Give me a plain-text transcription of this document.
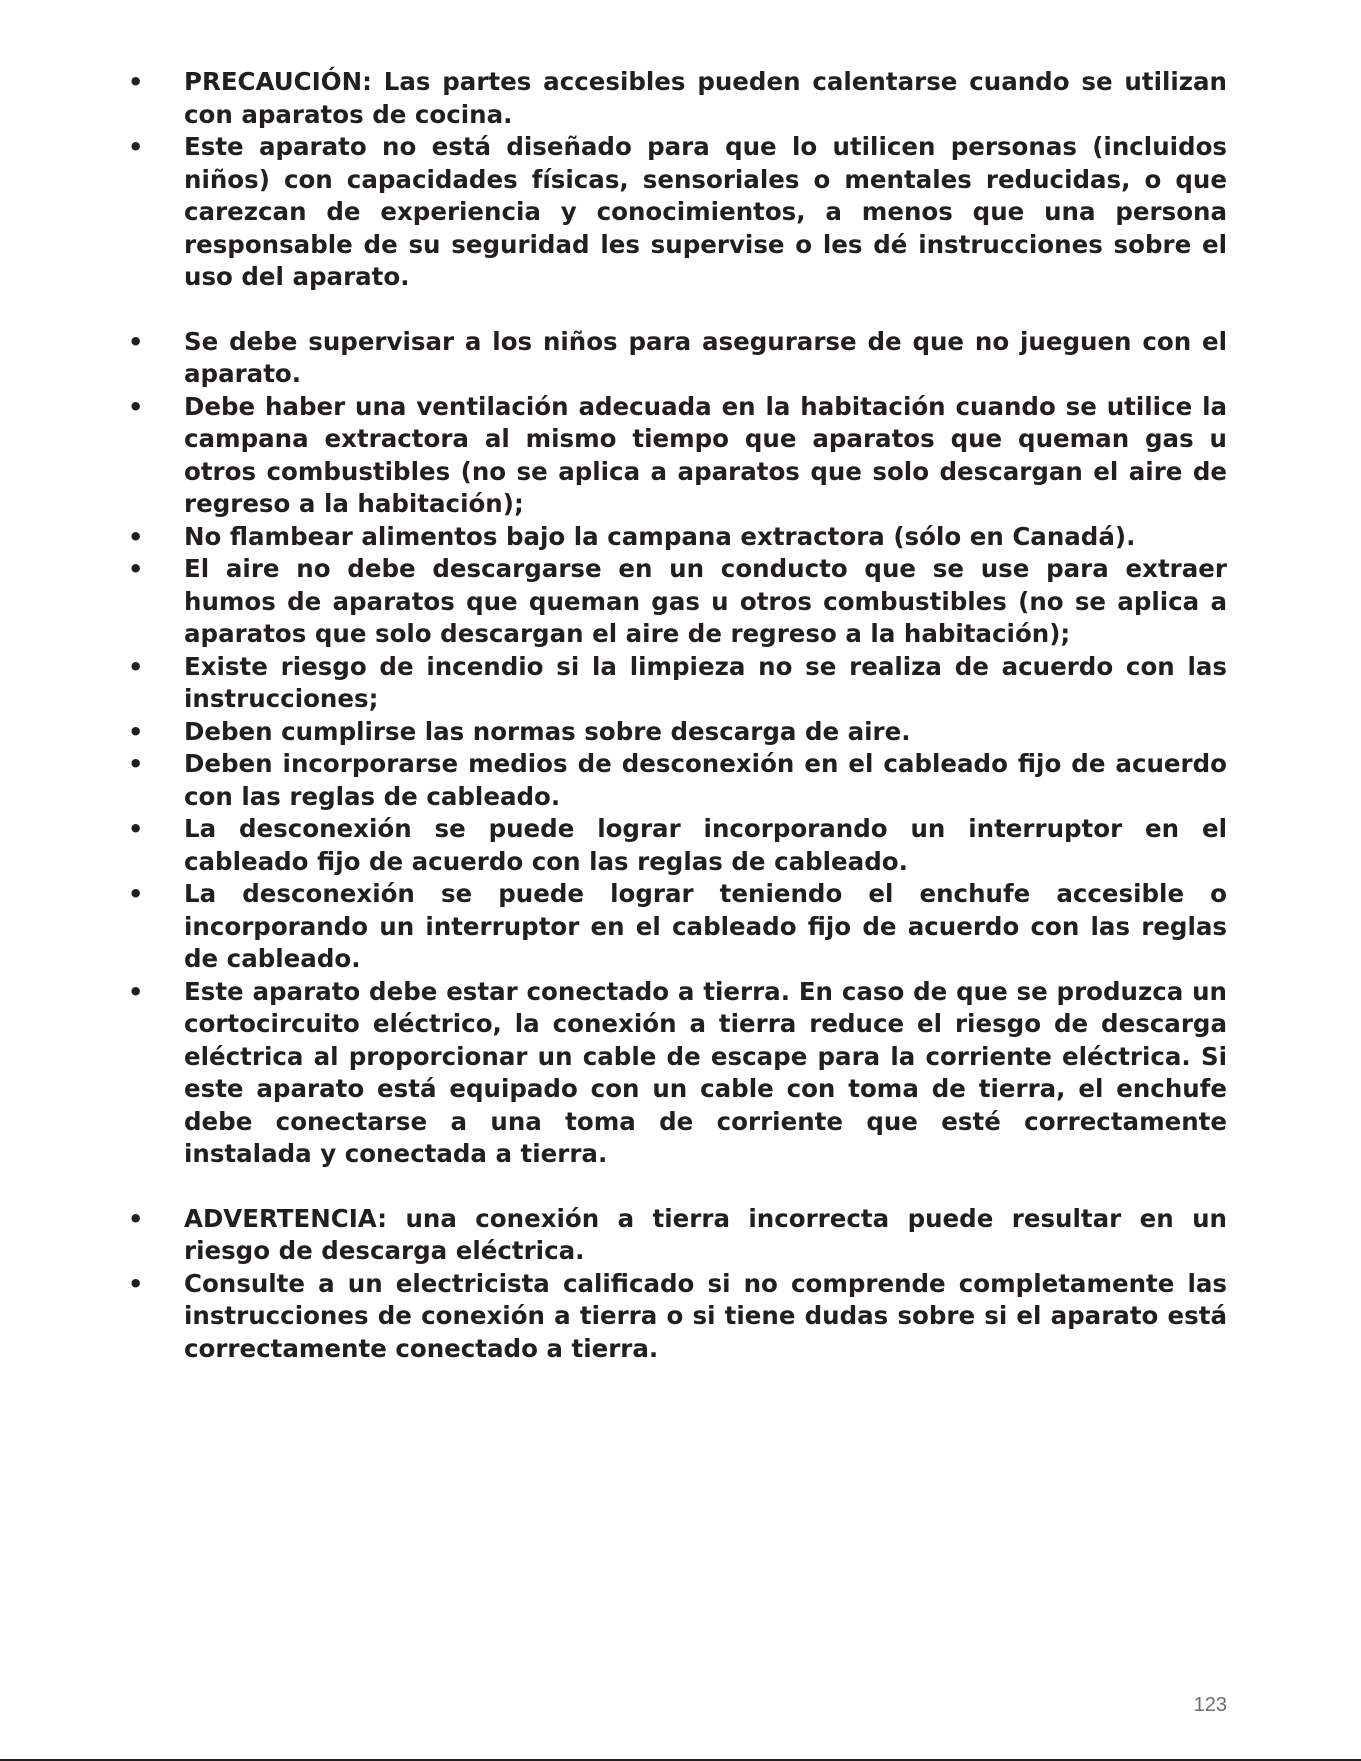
• PRECAUCIÓN: Las partes accesibles pueden calentarse cuando se utilizan con aparatos de cocina.
• Este aparato no está diseñado para que lo utilicen personas (incluidos niños) con capacidades físicas, sensoriales o mentales reducidas, o que carezcan de experiencia y conocimientos, a menos que una persona responsable de su seguridad les supervise o les dé instrucciones sobre el uso del aparato.
• Se debe supervisar a los niños para asegurarse de que no jueguen con el aparato.
• Debe haber una ventilación adecuada en la habitación cuando se utilice la campana extractora al mismo tiempo que aparatos que queman gas u otros combustibles (no se aplica a aparatos que solo descargan el aire de regreso a la habitación);
• No flambear alimentos bajo la campana extractora (sólo en Canadá).
• El aire no debe descargarse en un conducto que se use para extraer humos de aparatos que queman gas u otros combustibles (no se aplica a aparatos que solo descargan el aire de regreso a la habitación);
• Existe riesgo de incendio si la limpieza no se realiza de acuerdo con las instrucciones;
• Deben cumplirse las normas sobre descarga de aire.
• Deben incorporarse medios de desconexión en el cableado fijo de acuerdo con las reglas de cableado.
• La desconexión se puede lograr incorporando un interruptor en el cableado fijo de acuerdo con las reglas de cableado.
• La desconexión se puede lograr teniendo el enchufe accesible o incorporando un interruptor en el cableado fijo de acuerdo con las reglas de cableado.
• Este aparato debe estar conectado a tierra. En caso de que se produzca un cortocircuito eléctrico, la conexión a tierra reduce el riesgo de descarga eléctrica al proporcionar un cable de escape para la corriente eléctrica. Si este aparato está equipado con un cable con toma de tierra, el enchufe debe conectarse a una toma de corriente que esté correctamente instalada y conectada a tierra.
• ADVERTENCIA: una conexión a tierra incorrecta puede resultar en un riesgo de descarga eléctrica.
• Consulte a un electricista calificado si no comprende completamente las instrucciones de conexión a tierra o si tiene dudas sobre si el aparato está correctamente conectado a tierra.
123
